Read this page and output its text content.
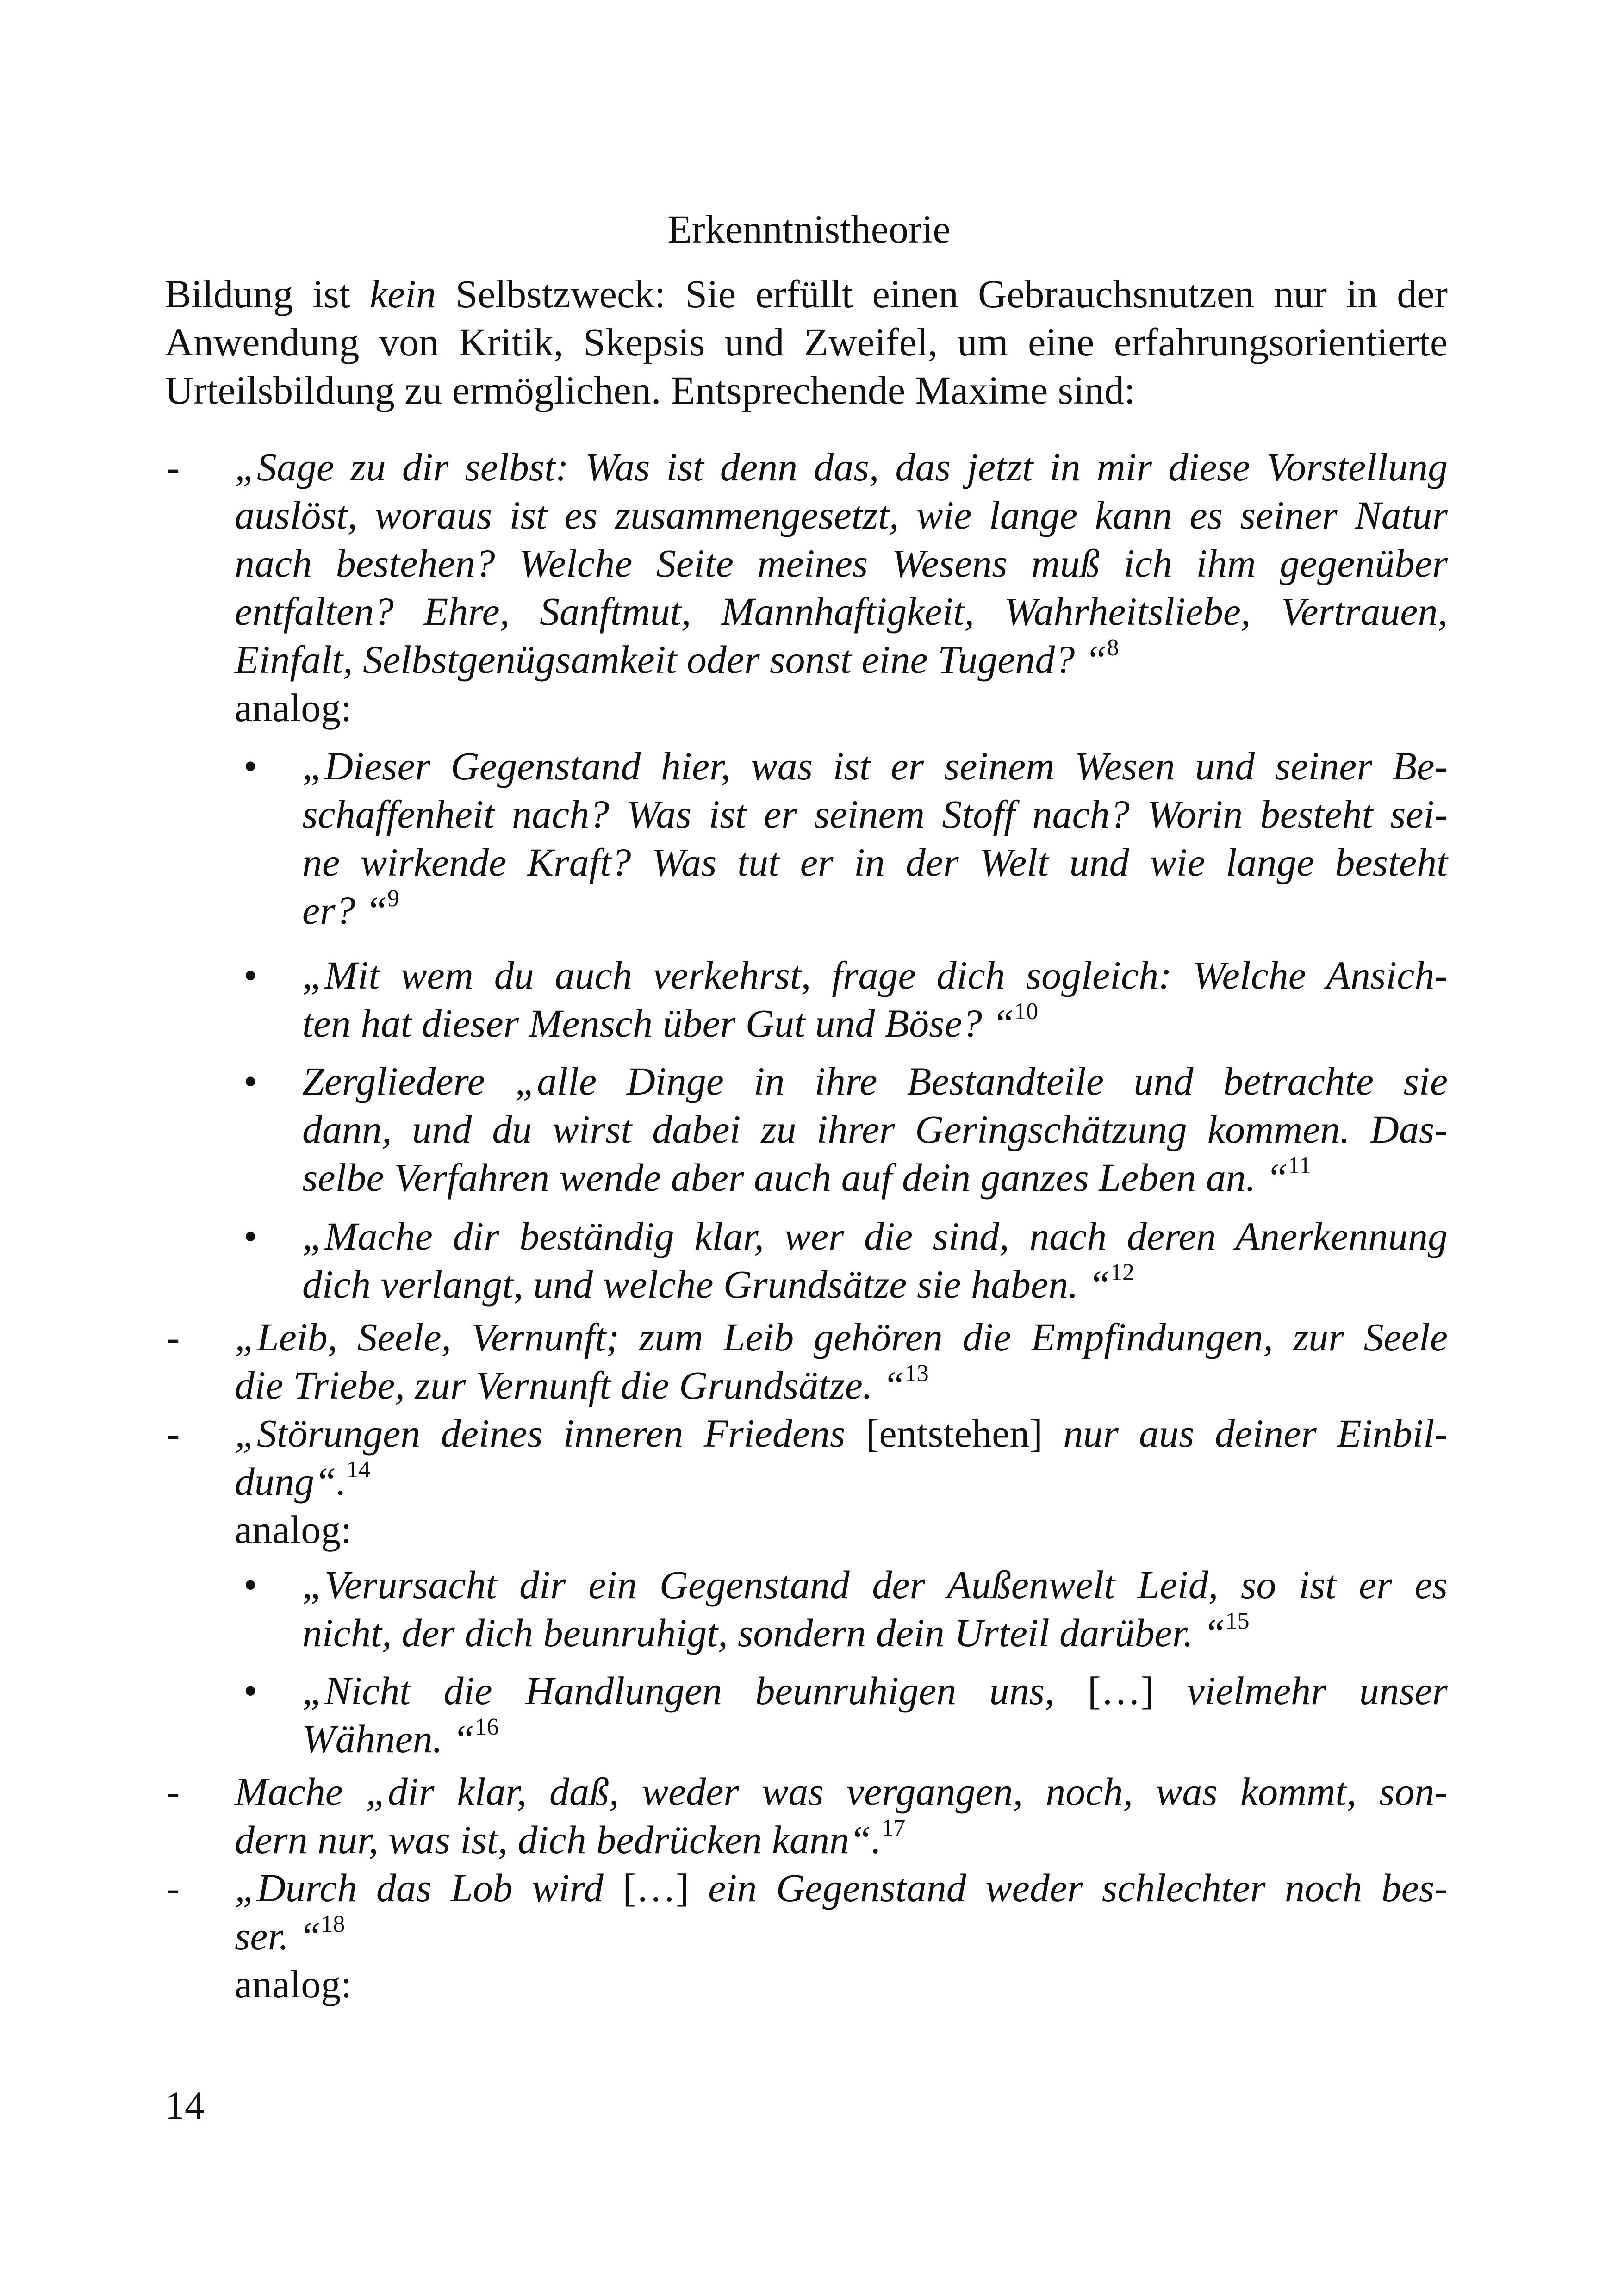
Erkenntnistheorie
Bildung ist kein Selbstzweck: Sie erfüllt einen Gebrauchsnutzen nur in der
Anwendung von Kritik, Skepsis und Zweifel, um eine erfahrungsorientierte
Urteilsbildung zu ermöglichen. Entsprechende Maxime sind:
- „Sage zu dir selbst: Was ist denn das, das jetzt in mir diese Vorstellung
auslöst, woraus ist es zusammengesetzt, wie lange kann es seiner Natur
nach bestehen? Welche Seite meines Wesens muß ich ihm gegenüber
entfalten? Ehre, Sanftmut, Mannhaftigkeit, Wahrheitsliebe, Vertrauen,
Einfalt, Selbstgenügsamkeit oder sonst eine Tugend? “$^8$
analog:
• „Dieser Gegenstand hier, was ist er seinem Wesen und seiner Be-
schaffenheit nach? Was ist er seinem Stoff nach? Worin besteht sei-
ne wirkende Kraft? Was tut er in der Welt und wie lange besteht
er? “$^9$
• „Mit wem du auch verkehrst, frage dich sogleich: Welche Ansich-
ten hat dieser Mensch über Gut und Böse? “$^{10}$
• Zergliedere „alle Dinge in ihre Bestandteile und betrachte sie
dann, und du wirst dabei zu ihrer Geringschätzung kommen. Das-
selbe Verfahren wende aber auch auf dein ganzes Leben an. “$^{11}$
• „Mache dir beständig klar, wer die sind, nach deren Anerkennung
dich verlangt, und welche Grundsätze sie haben. “$^{12}$
- „Leib, Seele, Vernunft; zum Leib gehören die Empfindungen, zur Seele
die Triebe, zur Vernunft die Grundsätze. “$^{13}$
- „Störungen deines inneren Friedens [entstehen] nur aus deiner Einbil-
dung“.$^{14}$
analog:
• „Verursacht dir ein Gegenstand der Außenwelt Leid, so ist er es
nicht, der dich beunruhigt, sondern dein Urteil darüber. “$^{15}$
• „Nicht die Handlungen beunruhigen uns, […] vielmehr unser
Wähnen. “$^{16}$
- Mache „dir klar, daß, weder was vergangen, noch, was kommt, son-
dern nur, was ist, dich bedrücken kann“.$^{17}$
- „Durch das Lob wird […] ein Gegenstand weder schlechter noch bes-
ser. “$^{18}$
analog:
14
